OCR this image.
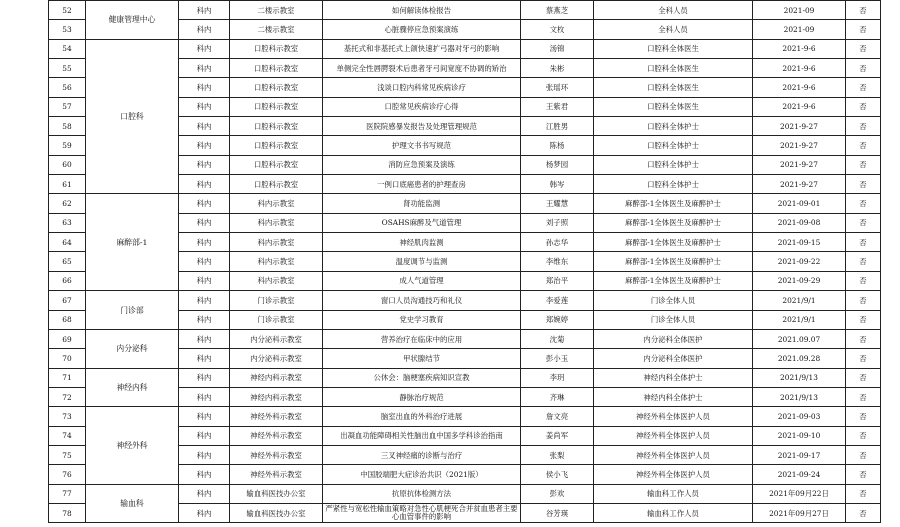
52	健康管理中心	科内	二楼示教室	如何解读体检报告	蔡燕芝	全科人员	2021-09	否
53		科内	二楼示教室	心脏骤停应急预案演练	文枚	全科人员	2021-09	否
54	口腔科	科内	口腔科示教室	基托式和非基托式上颌快速扩弓器对牙弓的影响	汤锦	口腔科全体医生	2021-9-6	否
55		科内	口腔科示教室	单侧完全性唇腭裂术后患者牙弓间宽度不协调的矫治	朱彬	口腔科全体医生	2021-9-6	否
56		科内	口腔科示教室	浅谈口腔内科常见疾病诊疗	张瑶环	口腔科全体医生	2021-9-6	否
57		科内	口腔科示教室	口腔常见疾病诊疗心得	王紫君	口腔科全体医生	2021-9-6	否
58		科内	口腔科示教室	医院院感暴发报告及处理管理规范	江胜男	口腔科全体护士	2021-9-27	否
59		科内	口腔科示教室	护理文书书写规范	陈杨	口腔科全体护士	2021-9-27	否
60		科内	口腔科示教室	消防应急预案及演练	杨梦园	口腔科全体护士	2021-9-27	否
61		科内	口腔科示教室	一例口底癌患者的护理查房	韩岑	口腔科全体护士	2021-9-27	否
62	麻醉部-1	科内	科内示教室	肾功能监测	王耀慧	麻醉部-1全体医生及麻醉护士	2021-09-01	否
63		科内	科内示教室	OSAHS麻醉及气道管理	刘子照	麻醉部-1全体医生及麻醉护士	2021-09-08	否
64		科内	科内示教室	神经肌肉监测	孙志华	麻醉部-1全体医生及麻醉护士	2021-09-15	否
65		科内	科内示教室	温度调节与监测	李维东	麻醉部-1全体医生及麻醉护士	2021-09-22	否
66		科内	科内示教室	成人气道管理	郑治平	麻醉部-1全体医生及麻醉护士	2021-09-29	否
67	门诊部	科内	门诊示教室	窗口人员沟通技巧和礼仪	李爱莲	门诊全体人员	2021/9/1	否
68		科内	门诊示教室	党史学习教育	郑婉婷	门诊全体人员	2021/9/1	否
69	内分泌科	科内	内分泌科示教室	营养治疗在临床中的应用	沈菊	内分泌科全体医护	2021.09.07	否
70		科内	内分泌科示教室	甲状腺结节	彭小玉	内分泌科全体医护	2021.09.28	否
71	神经内科	科内	神经内科示教室	公休会：脑梗塞疾病知识宣教	李玥	神经内科全体护士	2021/9/13	否
72		科内	神经内科示教室	静脉治疗规范	齐琳	神经内科全体护士	2021/9/13	否
73	神经外科	科内	神经外科示教室	脑室出血的外科治疗进展	詹文亮	神经外科全体医护人员	2021-09-03	否
74		科内	神经外科示教室	出凝血功能障碍相关性脑出血中国多学科诊治指南	姜尚军	神经外科全体医护人员	2021-09-10	否
75		科内	神经外科示教室	三叉神经痛的诊断与治疗	张梨	神经外科全体医护人员	2021-09-17	否
76		科内	神经外科示教室	中国胶端肥大症诊治共识（2021版）	侯小飞	神经外科全体医护人员	2021-09-24	否
77	输血科	科内	输血科医技办公室	抗原抗体检测方法	彭欢	输血科工作人员	2021年09月22日	否
78		科内	输血科医技办公室	严紧性与宽松性输血策略对急性心肌梗死合并贫血患者主要心血管事件的影响	谷芳瑛	输血科工作人员	2021年09月27日	否
